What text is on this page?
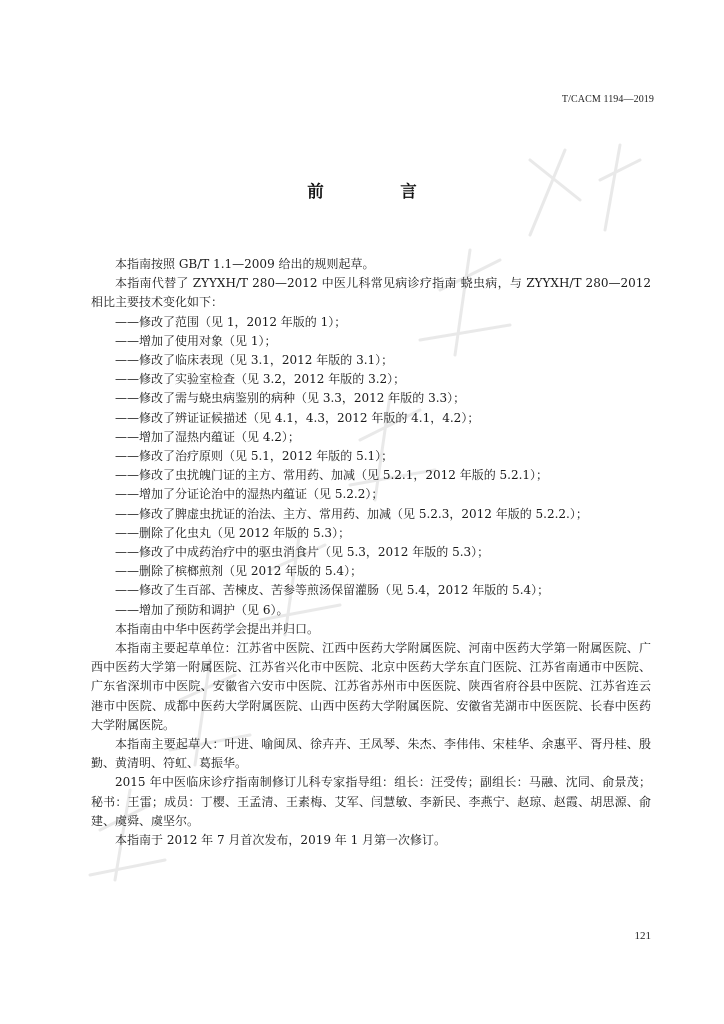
T/CACM 1194—2019
前　言

本指南按照 GB/T 1.1—2009 给出的规则起草。

本指南代替了 ZYYXH/T 280—2012 中医儿科常见病诊疗指南 蛲虫病，与 ZYYXH/T 280—2012 相比主要技术变化如下：

——修改了范围（见 1，2012 年版的 1）；
——增加了使用对象（见 1）；
——修改了临床表现（见 3.1，2012 年版的 3.1）；
——修改了实验室检查（见 3.2，2012 年版的 3.2）；
——修改了需与蛲虫病鉴别的病种（见 3.3，2012 年版的 3.3）；
——修改了辨证证候描述（见 4.1，4.3，2012 年版的 4.1，4.2）；
——增加了湿热内蕴证（见 4.2）；
——修改了治疗原则（见 5.1，2012 年版的 5.1）；
——修改了虫扰魄门证的主方、常用药、加减（见 5.2.1，2012 年版的 5.2.1）；
——增加了分证论治中的湿热内蕴证（见 5.2.2）；
——修改了脾虚虫扰证的治法、主方、常用药、加减（见 5.2.3，2012 年版的 5.2.2.）；
——删除了化虫丸（见 2012 年版的 5.3）；
——修改了中成药治疗中的驱虫消食片（见 5.3，2012 年版的 5.3）；
——删除了槟榔煎剂（见 2012 年版的 5.4）；
——修改了生百部、苦楝皮、苦参等煎汤保留灌肠（见 5.4，2012 年版的 5.4）；
——增加了预防和调护（见 6）。

本指南由中华中医药学会提出并归口。

本指南主要起草单位：江苏省中医院、江西中医药大学附属医院、河南中医药大学第一附属医院、广西中医药大学第一附属医院、江苏省兴化市中医院、北京中医药大学东直门医院、江苏省南通市中医院、广东省深圳市中医院、安徽省六安市中医院、江苏省苏州市中医医院、陕西省府谷县中医院、江苏省连云港市中医院、成都中医药大学附属医院、山西中医药大学附属医院、安徽省芜湖市中医医院、长春中医药大学附属医院。

本指南主要起草人：叶进、喻闽凤、徐卉卉、王凤琴、朱杰、李伟伟、宋桂华、余惠平、胥丹桂、殷勤、黄清明、符虹、葛振华。

2015 年中医临床诊疗指南制修订儿科专家指导组：组长：汪受传；副组长：马融、沈同、俞景茂；秘书：王雷；成员：丁樱、王孟清、王素梅、艾军、闫慧敏、李新民、李燕宁、赵琼、赵霞、胡思源、俞建、虞舜、虞坚尔。

本指南于 2012 年 7 月首次发布，2019 年 1 月第一次修订。

121
